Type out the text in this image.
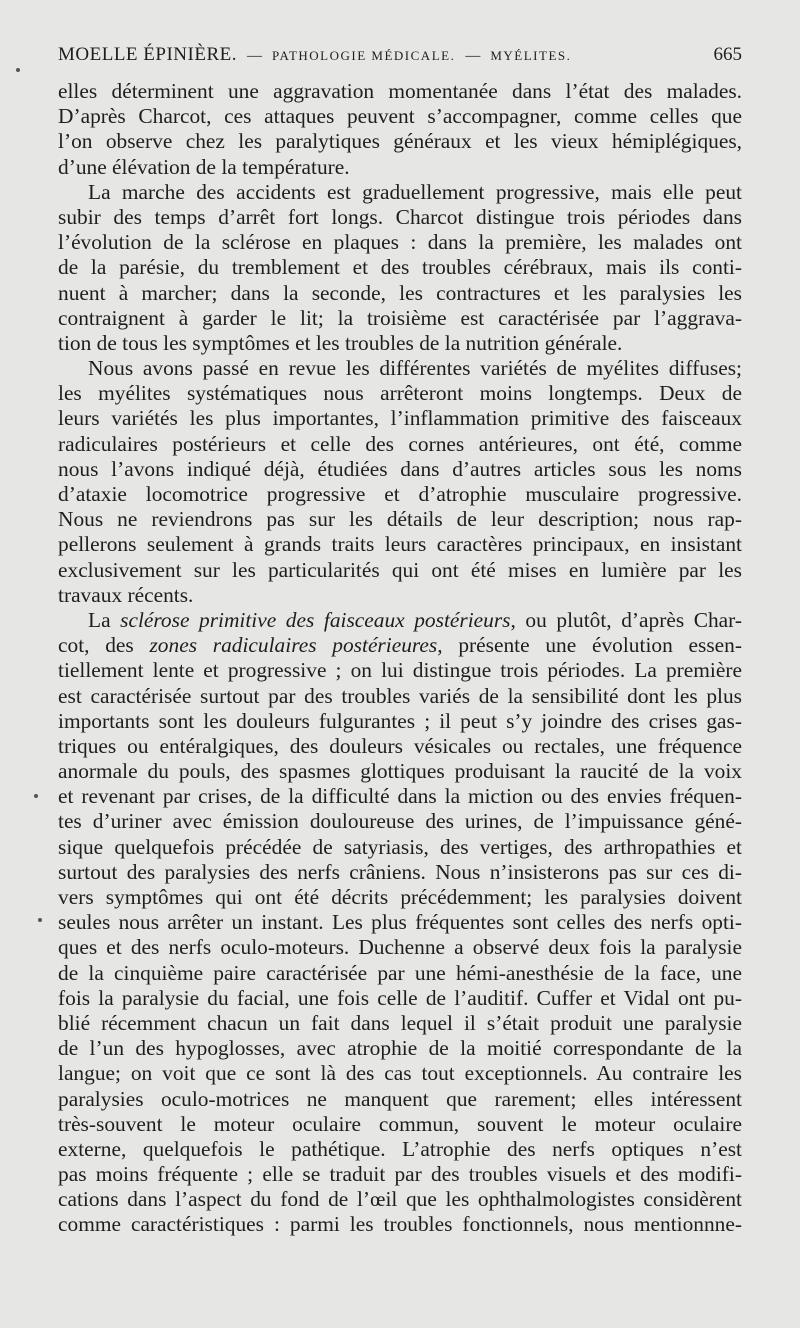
MOELLE ÉPINIÈRE. — PATHOLOGIE MÉDICALE. — MYÉLITES.	665
elles déterminent une aggravation momentanée dans l’état des malades.
D’après Charcot, ces attaques peuvent s’accompagner, comme celles que
l’on observe chez les paralytiques généraux et les vieux hémiplégiques,
d’une élévation de la température.
La marche des accidents est graduellement progressive, mais elle peut
subir des temps d’arrêt fort longs. Charcot distingue trois périodes dans
l’évolution de la sclérose en plaques : dans la première, les malades ont
de la parésie, du tremblement et des troubles cérébraux, mais ils conti-
nuent à marcher; dans la seconde, les contractures et les paralysies les
contraignent à garder le lit; la troisième est caractérisée par l’aggrava-
tion de tous les symptômes et les troubles de la nutrition générale.
Nous avons passé en revue les différentes variétés de myélites diffuses;
les myélites systématiques nous arrêteront moins longtemps. Deux de
leurs variétés les plus importantes, l’inflammation primitive des faisceaux
radiculaires postérieurs et celle des cornes antérieures, ont été, comme
nous l’avons indiqué déjà, étudiées dans d’autres articles sous les noms
d’ataxie locomotrice progressive et d’atrophie musculaire progressive.
Nous ne reviendrons pas sur les détails de leur description; nous rap-
pellerons seulement à grands traits leurs caractères principaux, en insistant
exclusivement sur les particularités qui ont été mises en lumière par les
travaux récents.
La sclérose primitive des faisceaux postérieurs, ou plutôt, d’après Char-
cot, des zones radiculaires postérieures, présente une évolution essen-
tiellement lente et progressive ; on lui distingue trois périodes. La première
est caractérisée surtout par des troubles variés de la sensibilité dont les plus
importants sont les douleurs fulgurantes ; il peut s’y joindre des crises gas-
triques ou entéralgiques, des douleurs vésicales ou rectales, une fréquence
anormale du pouls, des spasmes glottiques produisant la raucité de la voix
et revenant par crises, de la difficulté dans la miction ou des envies fréquen-
tes d’uriner avec émission douloureuse des urines, de l’impuissance géné-
sique quelquefois précédée de satyriasis, des vertiges, des arthropathies et
surtout des paralysies des nerfs crâniens. Nous n’insisterons pas sur ces di-
vers symptômes qui ont été décrits précédemment; les paralysies doivent
seules nous arrêter un instant. Les plus fréquentes sont celles des nerfs opti-
ques et des nerfs oculo-moteurs. Duchenne a observé deux fois la paralysie
de la cinquième paire caractérisée par une hémi-anesthésie de la face, une
fois la paralysie du facial, une fois celle de l’auditif. Cuffer et Vidal ont pu-
blié récemment chacun un fait dans lequel il s’était produit une paralysie
de l’un des hypoglosses, avec atrophie de la moitié correspondante de la
langue; on voit que ce sont là des cas tout exceptionnels. Au contraire les
paralysies oculo-motrices ne manquent que rarement; elles intéressent
très-souvent le moteur oculaire commun, souvent le moteur oculaire
externe, quelquefois le pathétique. L’atrophie des nerfs optiques n’est
pas moins fréquente ; elle se traduit par des troubles visuels et des modifi-
cations dans l’aspect du fond de l’œil que les ophthalmologistes considèrent
comme caractéristiques : parmi les troubles fonctionnels, nous mentionnne-
